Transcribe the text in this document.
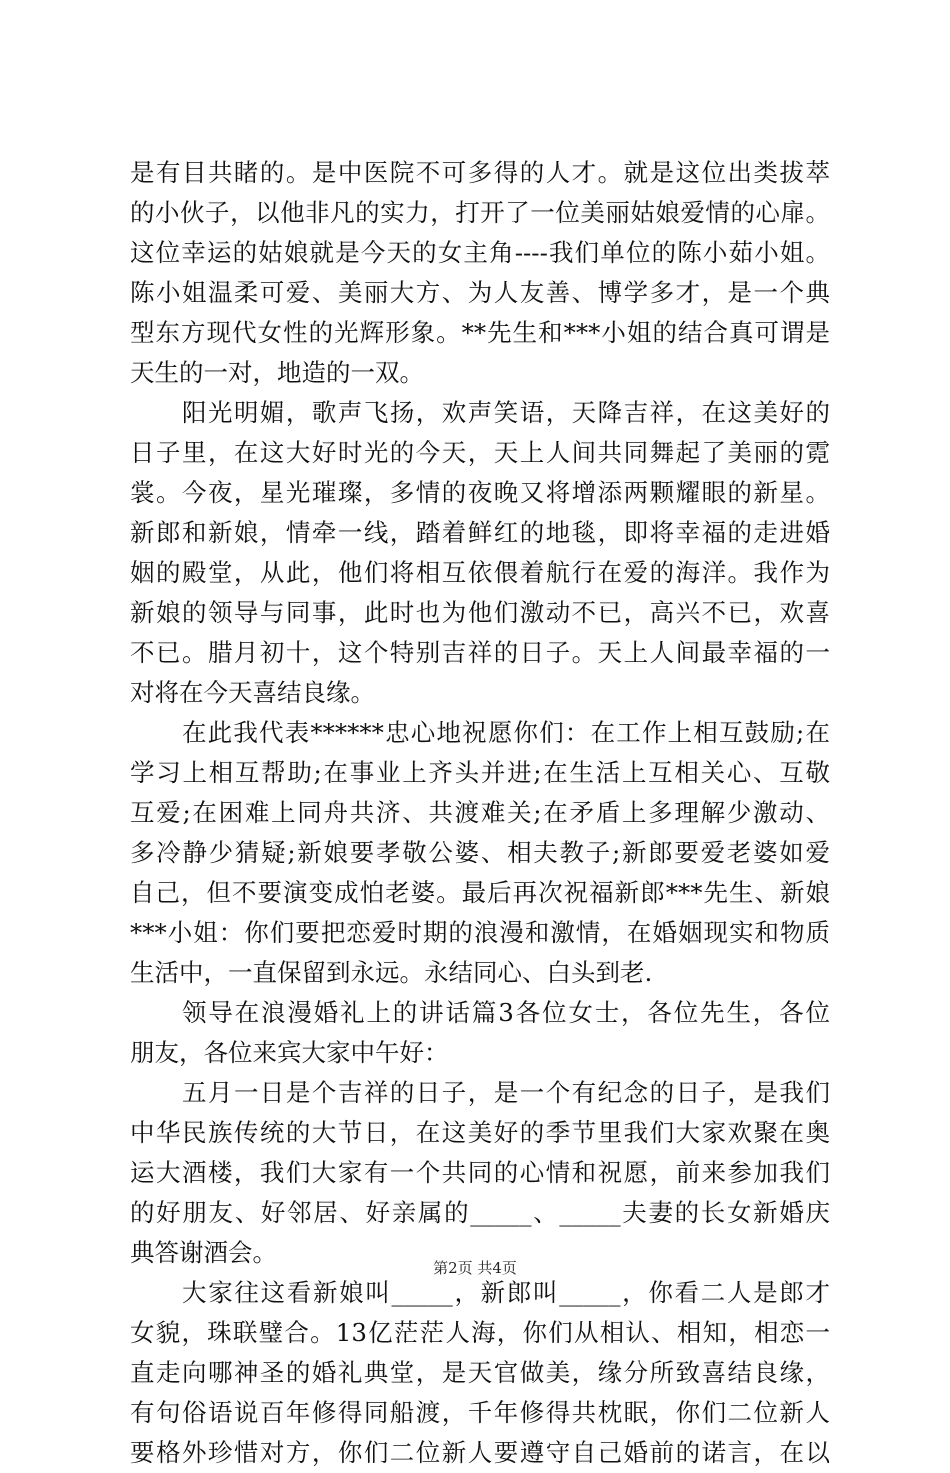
是有目共睹的。是中医院不可多得的人才。就是这位出类拔萃
的小伙子，以他非凡的实力，打开了一位美丽姑娘爱情的心扉。
这位幸运的姑娘就是今天的女主角----我们单位的陈小茹小姐。
陈小姐温柔可爱、美丽大方、为人友善、博学多才，是一个典
型东方现代女性的光辉形象。**先生和***小姐的结合真可谓是
天生的一对，地造的一双。
阳光明媚，歌声飞扬，欢声笑语，天降吉祥，在这美好的
日子里，在这大好时光的今天，天上人间共同舞起了美丽的霓
裳。今夜，星光璀璨，多情的夜晚又将增添两颗耀眼的新星。
新郎和新娘，情牵一线，踏着鲜红的地毯，即将幸福的走进婚
姻的殿堂，从此，他们将相互依偎着航行在爱的海洋。我作为
新娘的领导与同事，此时也为他们激动不已，高兴不已，欢喜
不已。腊月初十，这个特别吉祥的日子。天上人间最幸福的一
对将在今天喜结良缘。
在此我代表******忠心地祝愿你们：在工作上相互鼓励;在
学习上相互帮助;在事业上齐头并进;在生活上互相关心、互敬
互爱;在困难上同舟共济、共渡难关;在矛盾上多理解少激动、
多冷静少猜疑;新娘要孝敬公婆、相夫教子;新郎要爱老婆如爱
自己，但不要演变成怕老婆。最后再次祝福新郎***先生、新娘
***小姐：你们要把恋爱时期的浪漫和激情，在婚姻现实和物质
生活中，一直保留到永远。永结同心、白头到老.
领导在浪漫婚礼上的讲话篇3各位女士，各位先生，各位
朋友，各位来宾大家中午好：
五月一日是个吉祥的日子，是一个有纪念的日子，是我们
中华民族传统的大节日，在这美好的季节里我们大家欢聚在奥
运大酒楼，我们大家有一个共同的心情和祝愿，前来参加我们
的好朋友、好邻居、好亲属的_____、_____夫妻的长女新婚庆
典答谢酒会。
大家往这看新娘叫_____，新郎叫_____，你看二人是郎才
女貌，珠联璧合。13亿茫茫人海，你们从相认、相知，相恋一
直走向哪神圣的婚礼典堂，是天官做美，缘分所致喜结良缘，
有句俗语说百年修得同船渡，千年修得共枕眠，你们二位新人
要格外珍惜对方，你们二位新人要遵守自己婚前的诺言，在以
第2页 共4页
